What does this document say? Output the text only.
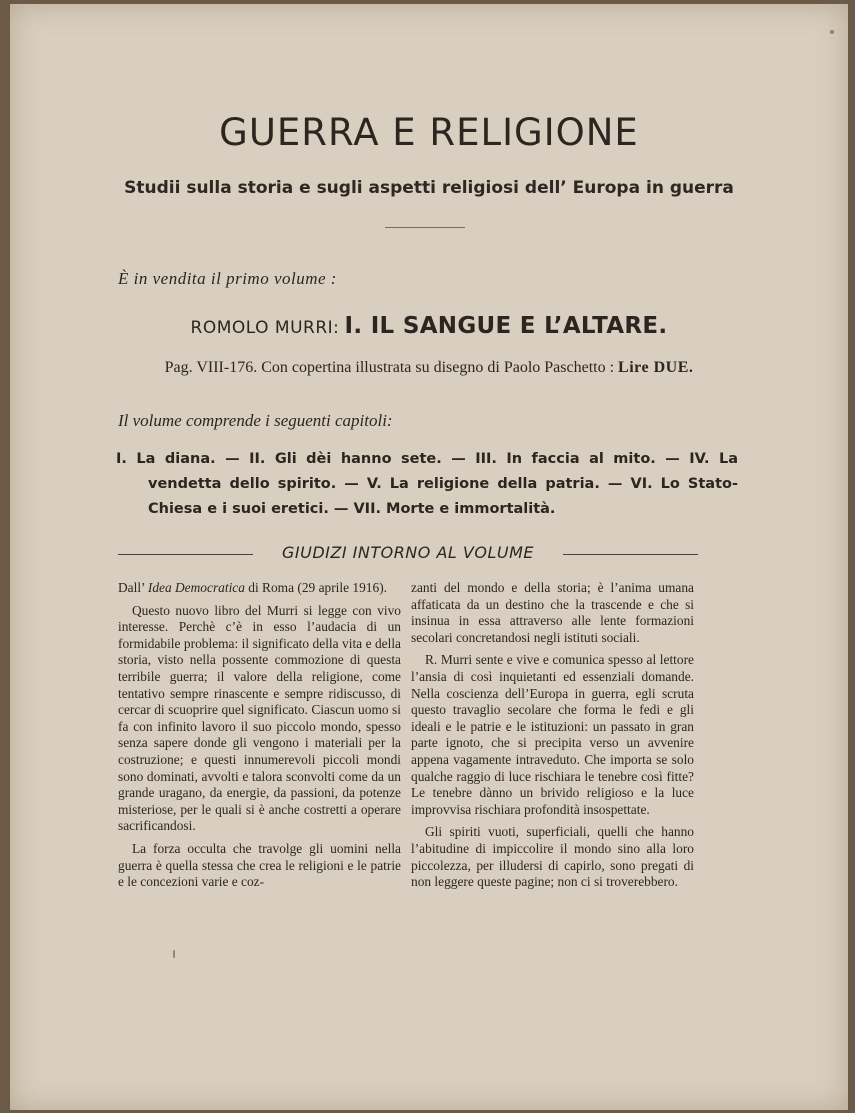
GUERRA E RELIGIONE
Studii sulla storia e sugli aspetti religiosi dell’ Europa in guerra
È in vendita il primo volume :
ROMOLO MURRI: I. IL SANGUE E L’ALTARE.
Pag. VIII-176. Con copertina illustrata su disegno di Paolo Paschetto : Lire DUE.
Il volume comprende i seguenti capitoli:
I. La diana. — II. Gli dèi hanno sete. — III. In faccia al mito. — IV. La vendetta dello spirito. — V. La religione della patria. — VI. Lo Stato-Chiesa e i suoi eretici. — VII. Morte e immortalità.
GIUDIZI INTORNO AL VOLUME

Dall’ Idea Democratica di Roma (29 aprile 1916).

Questo nuovo libro del Murri si legge con vivo interesse. Perchè c’è in esso l’audacia di un formidabile problema: il significato della vita e della storia, visto nella possente commozione di questa terribile guerra; il valore della religione, come tentativo sempre rinascente e sempre ridiscusso, di cercar di scuoprire quel significato. Ciascun uomo si fa con infinito lavoro il suo piccolo mondo, spesso senza sapere donde gli vengono i materiali per la costruzione; e questi innumerevoli piccoli mondi sono dominati, avvolti e talora sconvolti come da un grande uragano, da energie, da passioni, da potenze misteriose, per le quali si è anche costretti a operare sacrificandosi.

La forza occulta che travolge gli uomini nella guerra è quella stessa che crea le religioni e le patrie e le concezioni varie e coz-

zanti del mondo e della storia; è l’anima umana affaticata da un destino che la trascende e che si insinua in essa attraverso alle lente formazioni secolari concretandosi negli istituti sociali.

R. Murri sente e vive e comunica spesso al lettore l’ansia di così inquietanti ed essenziali domande. Nella coscienza dell’Europa in guerra, egli scruta questo travaglio secolare che forma le fedi e gli ideali e le patrie e le istituzioni: un passato in gran parte ignoto, che si precipita verso un avvenire appena vagamente intraveduto. Che importa se solo qualche raggio di luce rischiara le tenebre così fitte? Le tenebre dànno un brivido religioso e la luce improvvisa rischiara profondità insospettate.

Gli spiriti vuoti, superficiali, quelli che hanno l’abitudine di impiccolire il mondo sino alla loro piccolezza, per illudersi di capirlo, sono pregati di non leggere queste pagine; non ci si troverebbero.
